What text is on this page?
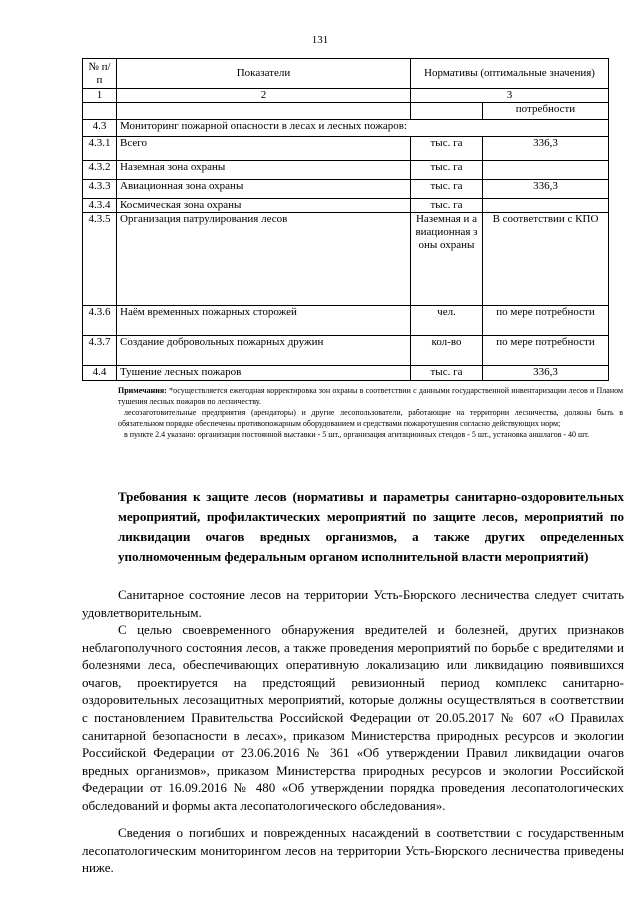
131
№ п/п	Показатели	Нормативы (оптимальные значения)	
1	2	3	
			потребности
4.3	Мониторинг пожарной опасности в лесах и лесных пожаров:		
4.3.1	Всего	тыс. га	336,3
4.3.2	Наземная зона охраны	тыс. га	
4.3.3	Авиационная зона охраны	тыс. га	336,3
4.3.4	Космическая зона охраны	тыс. га	
4.3.5	Организация патрулирования лесов	Наземная и авиационная зоны охраны	В соответствии с КПО
4.3.6	Наём временных пожарных сторожей	чел.	по мере потребности
4.3.7	Создание добровольных пожарных дружин	кол-во	по мере потребности
4.4	Тушение лесных пожаров	тыс. га	336,3

Примечания: *осуществляется ежегодная корректировка зон охраны в соответствии с данными государственной инвентаризации лесов и Планом тушения лесных пожаров по лесничеству.

лесозаготовительные предприятия (арендаторы) и другие лесопользователи, работающие на территории лесничества, должны быть в обязательном порядке обеспечены противопожарным оборудованием и средствами пожаротушения согласно действующих норм;

в пункте 2.4 указано: организация постоянной выставки - 5 шт., организация агитационных стендов - 5 шт., установка аншлагов - 40 шт.

Требования к защите лесов (нормативы и параметры санитарно-оздоровительных мероприятий, профилактических мероприятий по защите лесов, мероприятий по ликвидации очагов вредных организмов, а также других определенных уполномоченным федеральным органом исполнительной власти мероприятий)

Санитарное состояние лесов на территории Усть-Бюрского лесничества следует считать удовлетворительным.

С целью своевременного обнаружения вредителей и болезней, других признаков неблагополучного состояния лесов, а также проведения мероприятий по борьбе с вредителями и болезнями леса, обеспечивающих оперативную локализацию или ликвидацию появившихся очагов, проектируется на предстоящий ревизионный период комплекс санитарно-оздоровительных лесозащитных мероприятий, которые должны осуществляться в соответствии с постановлением Правительства Российской Федерации от 20.05.2017 № 607 «О Правилах санитарной безопасности в лесах», приказом Министерства природных ресурсов и экологии Российской Федерации от 23.06.2016 № 361 «Об утверждении Правил ликвидации очагов вредных организмов», приказом Министерства природных ресурсов и экологии Российской Федерации от 16.09.2016 № 480 «Об утверждении порядка проведения лесопатологических обследований и формы акта лесопатологического обследования».

Сведения о погибших и поврежденных насаждений в соответствии с государственным лесопатологическим мониторингом лесов на территории Усть-Бюрского лесничества приведены ниже.
